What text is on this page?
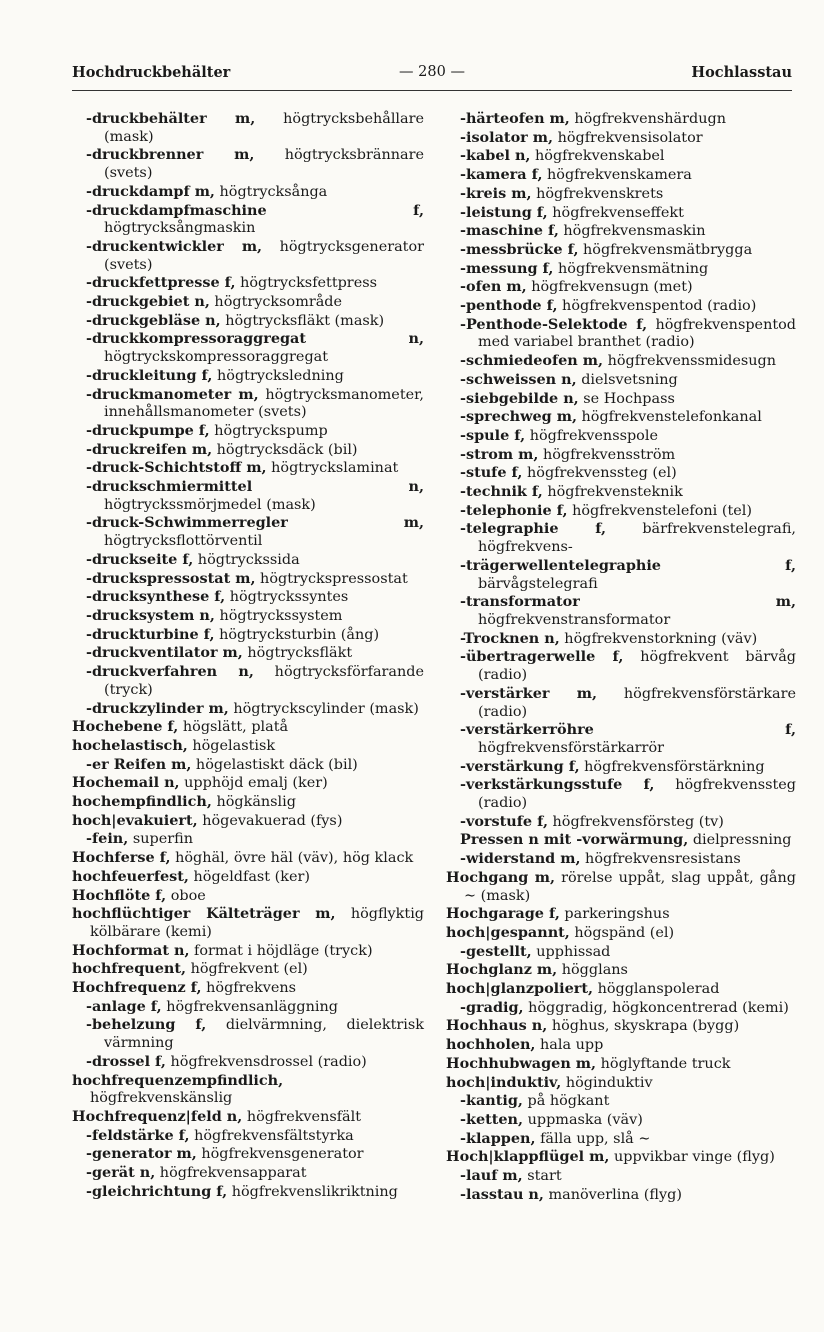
— 280 —
Hochdruckbehälter	Hochlasstau
-druckbehälter m, högtrycksbehållare (mask)
-druckbrenner m, högtrycksbrännare (svets)
-druckdampf m, högtrycksånga
-druckdampfmaschine f, högtrycksångmaskin
-druckentwickler m, högtrycksgenerator (svets)
-druckfettpresse f, högtrycksfettpress
-druckgebiet n, högtrycksområde
-druckgebläse n, högtrycksfläkt (mask)
-druckkompressoraggregat n, högtryckskompressoraggregat
-druckleitung f, högtrycksledning
-druckmanometer m, högtrycksmanometer, innehållsmanometer (svets)
-druckpumpe f, högtryckspump
-druckreifen m, högtrycksdäck (bil)
-druck-Schichtstoff m, högtryckslaminat
-druckschmiermittel n, högtryckssmörjmedel (mask)
-druck-Schwimmerregler m, högtrycksflottörventil
-druckseite f, högtryckssida
-druckspressostat m, högtryckspressostat
-drucksynthese f, högtryckssyntes
-drucksystem n, högtryckssystem
-druckturbine f, högtrycksturbin (ång)
-druckventilator m, högtrycksfläkt
-druckverfahren n, högtrycksförfarande (tryck)
-druckzylinder m, högtryckscylinder (mask)
Hochebene f, högslätt, platå
hochelastisch, högelastisk
-er Reifen m, högelastiskt däck (bil)
Hochemail n, upphöjd emalj (ker)
hochempfindlich, högkänslig
hoch|evakuiert, högevakuerad (fys)
-fein, superfin
Hochferse f, höghäl, övre häl (väv), hög klack
hochfeuerfest, högeldfast (ker)
Hochflöte f, oboe
hochflüchtiger Kälteträger m, högflyktig kölbärare (kemi)
Hochformat n, format i höjdläge (tryck)
hochfrequent, högfrekvent (el)
Hochfrequenz f, högfrekvens
-anlage f, högfrekvensanläggning
-behelzung f, dielvärmning, dielektrisk värmning
-drossel f, högfrekvensdrossel (radio)
hochfrequenzempfindlich, högfrekvenskänslig
Hochfrequenz|feld n, högfrekvensfält
-feldstärke f, högfrekvensfältstyrka
-generator m, högfrekvensgenerator
-gerät n, högfrekvensapparat
-gleichrichtung f, högfrekvenslikriktning
-härteofen m, högfrekvenshärdugn
-isolator m, högfrekvensisolator
-kabel n, högfrekvenskabel
-kamera f, högfrekvenskamera
-kreis m, högfrekvenskrets
-leistung f, högfrekvenseffekt
-maschine f, högfrekvensmaskin
-messbrücke f, högfrekvensmätbrygga
-messung f, högfrekvensmätning
-ofen m, högfrekvensugn (met)
-penthode f, högfrekvenspentod (radio)
-Penthode-Selektode f, högfrekvenspentod med variabel branthet (radio)
-schmiedeofen m, högfrekvenssmidesugn
-schweissen n, dielsvetsning
-siebgebilde n, se Hochpass
-sprechweg m, högfrekvenstelefonkanal
-spule f, högfrekvensspole
-strom m, högfrekvensström
-stufe f, högfrekvenssteg (el)
-technik f, högfrekvensteknik
-telephonie f, högfrekvenstelefoni (tel)
-telegraphie f, bärfrekvenstelegrafi, högfrekvens-
-trägerwellentelegraphie f, bärvågstelegrafi
-transformator m, högfrekvenstransformator
-Trocknen n, högfrekvenstorkning (väv)
-übertragerwelle f, högfrekvent bärvåg (radio)
-verstärker m, högfrekvensförstärkare (radio)
-verstärkerröhre f, högfrekvensförstärkarrör
-verstärkung f, högfrekvensförstärkning
-verkstärkungsstufe f, högfrekvenssteg (radio)
-vorstufe f, högfrekvensförsteg (tv)
Pressen n mit -vorwärmung, dielpressning
-widerstand m, högfrekvensresistans
Hochgang m, rörelse uppåt, slag uppåt, gång ∼ (mask)
Hochgarage f, parkeringshus
hoch|gespannt, högspänd (el)
-gestellt, upphissad
Hochglanz m, högglans
hoch|glanzpoliert, högglanspolerad
-gradig, höggradig, högkoncentrerad (kemi)
Hochhaus n, höghus, skyskrapa (bygg)
hochholen, hala upp
Hochhubwagen m, höglyftande truck
hoch|induktiv, höginduktiv
-kantig, på högkant
-ketten, uppmaska (väv)
-klappen, fälla upp, slå ∼
Hoch|klappflügel m, uppvikbar vinge (flyg)
-lauf m, start
-lasstau n, manöverlina (flyg)
